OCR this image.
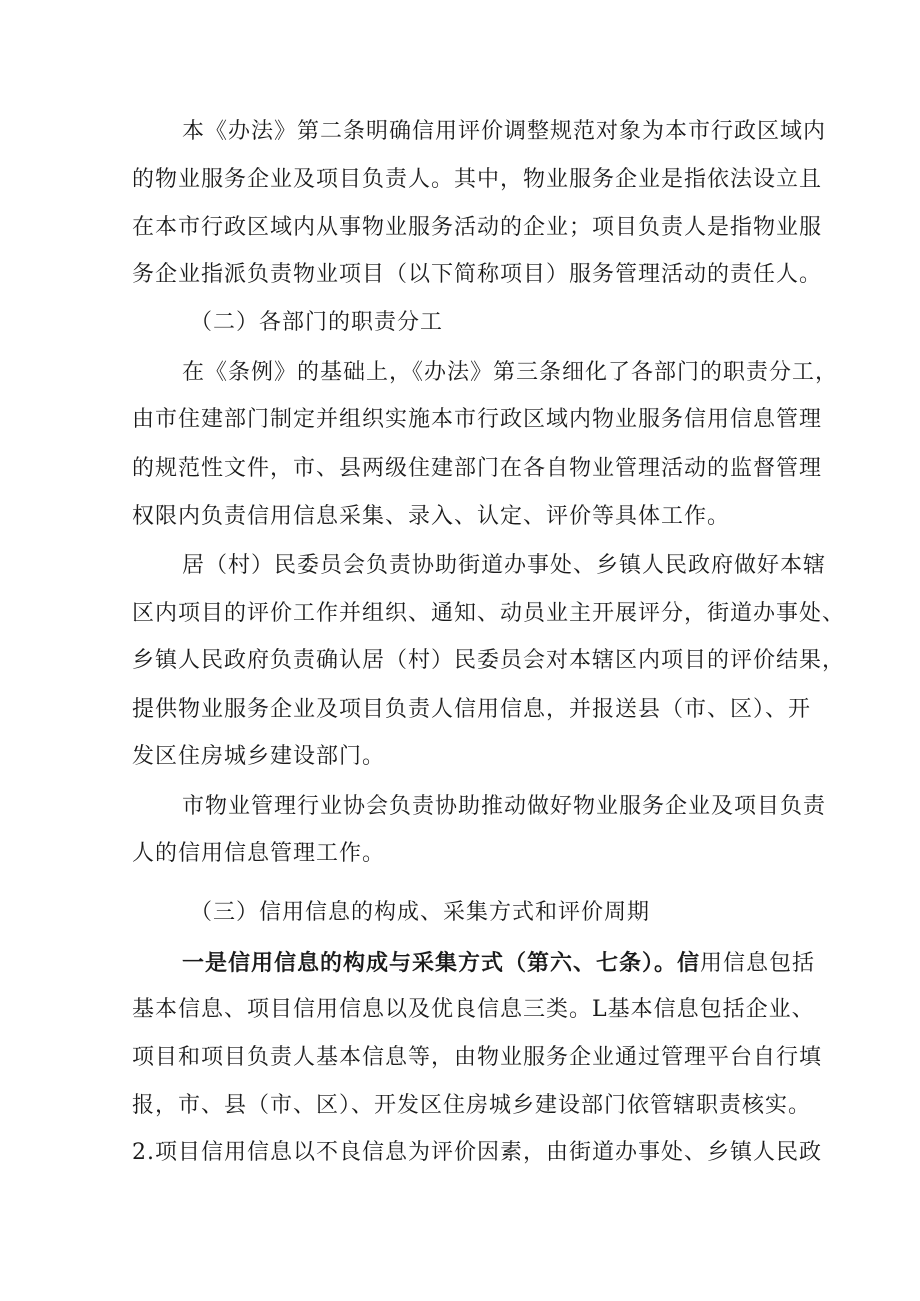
本《办法》第二条明确信用评价调整规范对象为本市行政区域内
的物业服务企业及项目负责人。其中，物业服务企业是指依法设立且
在本市行政区域内从事物业服务活动的企业；项目负责人是指物业服
务企业指派负责物业项目（以下简称项目）服务管理活动的责任人。
（二）各部门的职责分工
在《条例》的基础上，《办法》第三条细化了各部门的职责分工，
由市住建部门制定并组织实施本市行政区域内物业服务信用信息管理
的规范性文件，市、县两级住建部门在各自物业管理活动的监督管理
权限内负责信用信息采集、录入、认定、评价等具体工作。
居（村）民委员会负责协助街道办事处、乡镇人民政府做好本辖
区内项目的评价工作并组织、通知、动员业主开展评分，街道办事处、
乡镇人民政府负责确认居（村）民委员会对本辖区内项目的评价结果，
提供物业服务企业及项目负责人信用信息，并报送县（市、区）、开
发区住房城乡建设部门。
市物业管理行业协会负责协助推动做好物业服务企业及项目负责
人的信用信息管理工作。
（三）信用信息的构成、采集方式和评价周期
一是信用信息的构成与采集方式（第六、七条）。信用信息包括
基本信息、项目信用信息以及优良信息三类。L基本信息包括企业、
项目和项目负责人基本信息等，由物业服务企业通过管理平台自行填
报，市、县（市、区）、开发区住房城乡建设部门依管辖职责核实。
2.项目信用信息以不良信息为评价因素，由街道办事处、乡镇人民政
